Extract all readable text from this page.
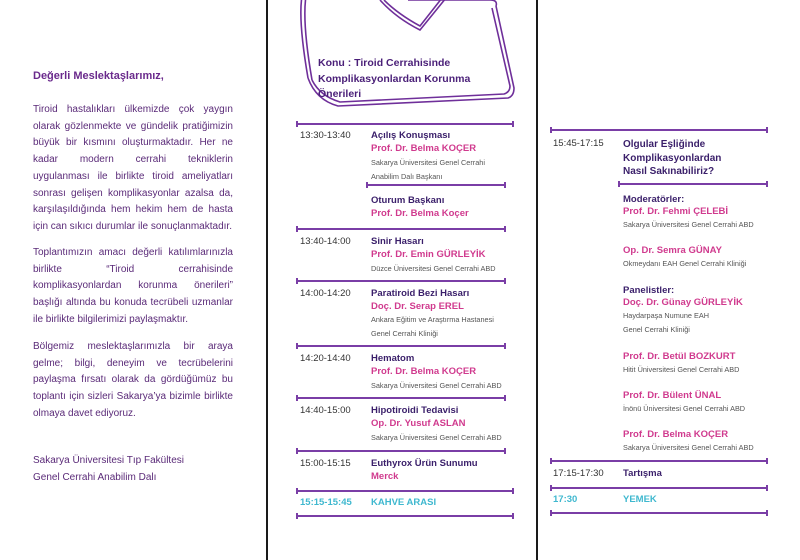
Değerli Meslektaşlarımız,

Tiroid hastalıkları ülkemizde çok yaygın olarak gözlenmekte ve gündelik pratiğimizin büyük bir kısmını oluşturmaktadır. Her ne kadar modern cerrahi tekniklerin uygulanması ile birlikte tiroid ameliyatları sonrası gelişen komplikasyonlar azalsa da, karşılaşıldığında hem hekim hem de hasta için can sıkıcı durumlar ile sonuçlanmaktadır.

Toplantımızın amacı değerli katılımlarınızla birlikte “Tiroid cerrahisinde komplikasyonlardan korunma önerileri” başlığı altında bu konuda tecrübeli uzmanlar ile birlikte bilgilerimizi paylaşmaktır.

Bölgemiz meslektaşlarımızla bir araya gelme; bilgi, deneyim ve tecrübelerini paylaşma fırsatı olarak da gördüğümüz bu toplantı için sizleri Sakarya’ya bizimle birlikte olmaya davet ediyoruz.

Sakarya Üniversitesi Tıp Fakültesi
Genel Cerrahi Anabilim Dalı
Konu : Tiroid Cerrahisinde
Komplikasyonlardan Korunma
Önerileri
13:30-13:40 Açılış Konuşması
Prof. Dr. Belma KOÇER
Sakarya Üniversitesi Genel Cerrahi
Anabilim Dalı Başkanı
Oturum Başkanı
Prof. Dr. Belma Koçer
13:40-14:00 Sinir Hasarı
Prof. Dr. Emin GÜRLEYİK
Düzce Üniversitesi Genel Cerrahi ABD
14:00-14:20 Paratiroid Bezi Hasarı
Doç. Dr. Serap EREL
Ankara Eğitim ve Araştırma Hastanesi
Genel Cerrahi Kliniği
14:20-14:40 Hematom
Prof. Dr. Belma KOÇER
Sakarya Üniversitesi Genel Cerrahi ABD
14:40-15:00 Hipotiroidi Tedavisi
Op. Dr. Yusuf ASLAN
Sakarya Üniversitesi Genel Cerrahi ABD
15:00-15:15 Euthyrox Ürün Sunumu
Merck
15:15-15:45 KAHVE ARASI
15:45-17:15 Olgular Eşliğinde
Komplikasyonlardan
Nasıl Sakınabiliriz?
Moderatörler:
Prof. Dr. Fehmi ÇELEBİ
Sakarya Üniversitesi Genel Cerrahi ABD
Op. Dr. Semra GÜNAY
Okmeydanı EAH Genel Cerrahi Kliniği
Panelistler:
Doç. Dr. Günay GÜRLEYİK
Haydarpaşa Numune EAH
Genel Cerrahi Kliniği
Prof. Dr. Betül BOZKURT
Hitit Üniversitesi Genel Cerrahi ABD
Prof. Dr. Bülent ÜNAL
İnönü Üniversitesi Genel Cerrahi ABD
Prof. Dr. Belma KOÇER
Sakarya Üniversitesi Genel Cerrahi ABD
17:15-17:30 Tartışma
17:30	YEMEK
